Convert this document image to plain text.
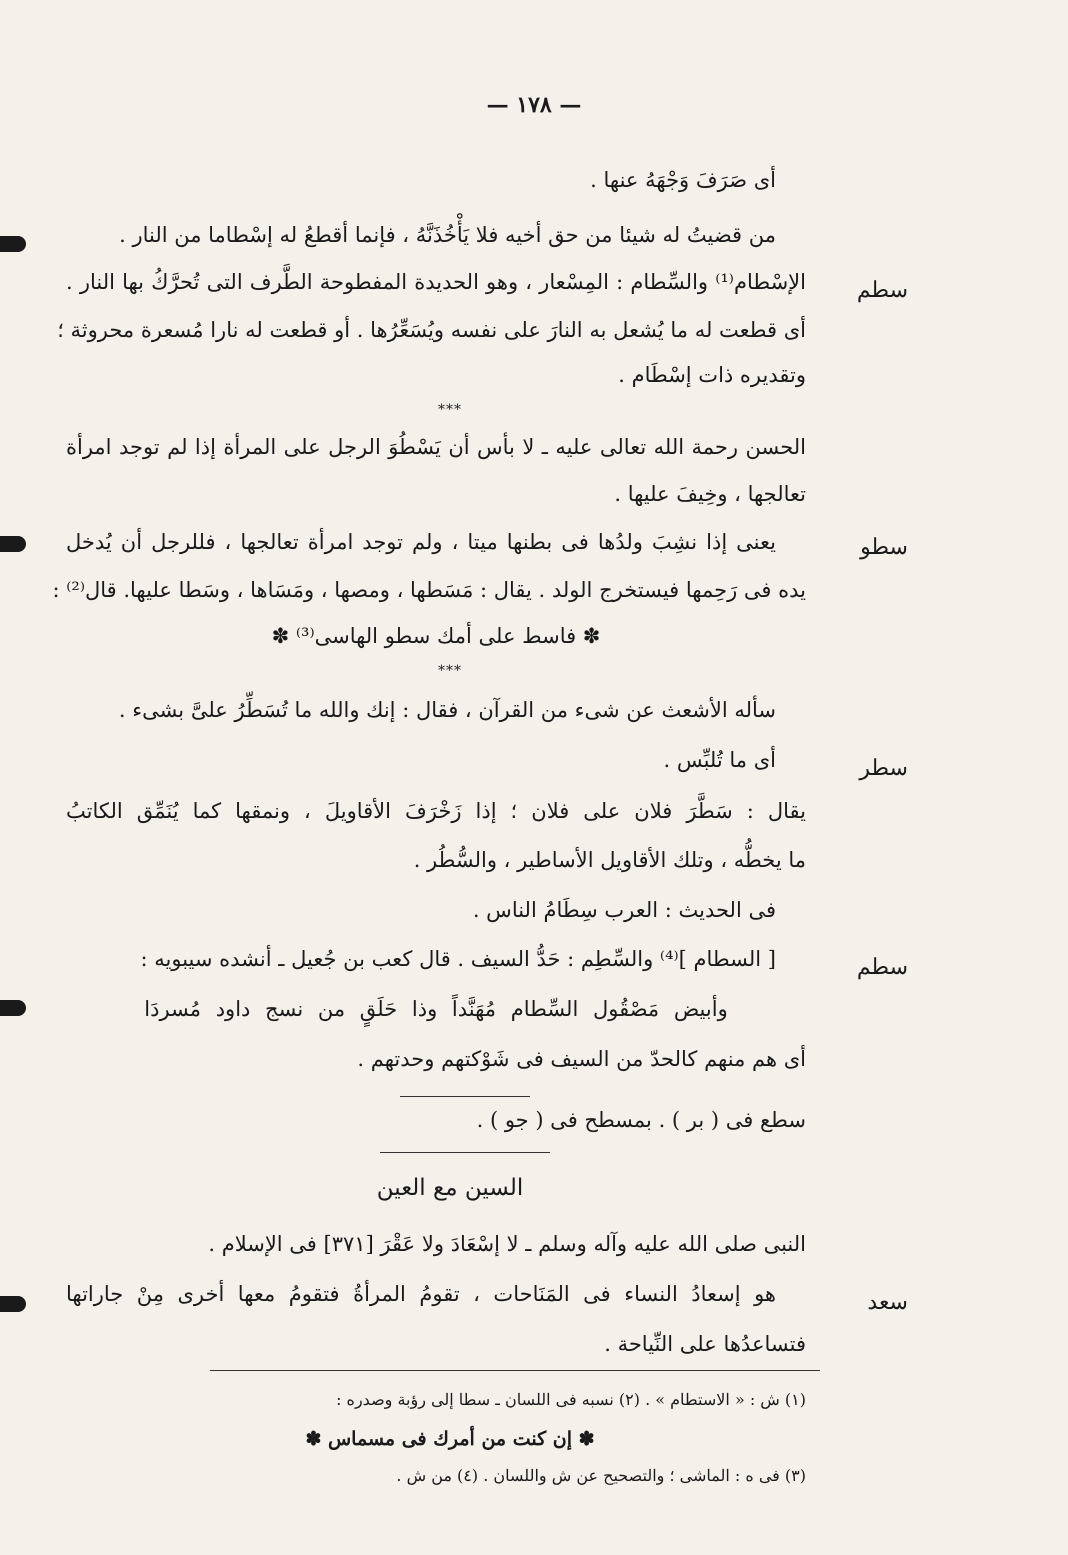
— ١٧٨ —
أى صَرَفَ وَجْهَهُ عنها .
من قضيتُ له شيئا من حق أخيه فلا يَأْخُذَنَّهُ ، فإنما أقطعُ له إسْطاما من النار .
سطم
الإسْطام⁽¹⁾ والسِّطام : المِسْعار ، وهو الحديدة المفطوحة الطَّرف التى تُحرَّكُ بها النار .
أى قطعت له ما يُشعل به النارَ على نفسه ويُسَعِّرُها . أو قطعت له نارا مُسعرة محروثة ؛
وتقديره ذات إسْطَام .
***
الحسن رحمة الله تعالى عليه ـ لا بأس أن يَسْطُوَ الرجل على المرأة إذا لم توجد امرأة
تعالجها ، وخِيفَ عليها .
سطو
يعنى إذا نشِبَ ولدُها فى بطنها ميتا ، ولم توجد امرأة تعالجها ، فللرجل أن يُدخل
يده فى رَحِمها فيستخرج الولد . يقال : مَسَطها ، ومصها ، ومَسَاها ، وسَطا عليها. قال⁽²⁾ :
✽ فاسط على أمك سطو الهاسى⁽³⁾ ✽
***
سأله الأشعث عن شىء من القرآن ، فقال : إنك والله ما تُسَطِّرُ علىَّ بشىء .
سطر
أى ما تُلبِّس .
يقال : سَطَّرَ فلان على فلان ؛ إذا زَخْرَفَ الأقاويلَ ، ونمقها كما يُنَمِّق الكاتبُ
ما يخطُّه ، وتلك الأقاويل الأساطير ، والسُّطُر .
فى الحديث : العرب سِطَامُ الناس .
سطم
[ السطام ]⁽⁴⁾ والسِّطِم : حَدُّ السيف . قال كعب بن جُعيل ـ أنشده سيبويه :
وأبيض مَصْقُول السِّطام مُهَنَّداً وذا حَلَقٍ من نسج داود مُسردَا
أى هم منهم كالحدّ من السيف فى شَوْكتهم وحدتهم .
سطع فى ( بر ) . بمسطح فى ( جو ) .
السين مع العين
النبى صلى الله عليه وآله وسلم ـ لا إسْعَادَ ولا عَقْرَ [٣٧١] فى الإسلام .
سعد
هو إسعادُ النساء فى المَنَاحات ، تقومُ المرأةُ فتقومُ معها أخرى مِنْ جاراتها
فتساعدُها على النِّياحة .
(١) ش : « الاستطام » . (٢) نسبه فى اللسان ـ سطا إلى رؤبة وصدره :
✽ إن كنت من أمرك فى مسماس ✽
(٣) فى ه : الماشى ؛ والتصحيح عن ش واللسان . (٤) من ش .
